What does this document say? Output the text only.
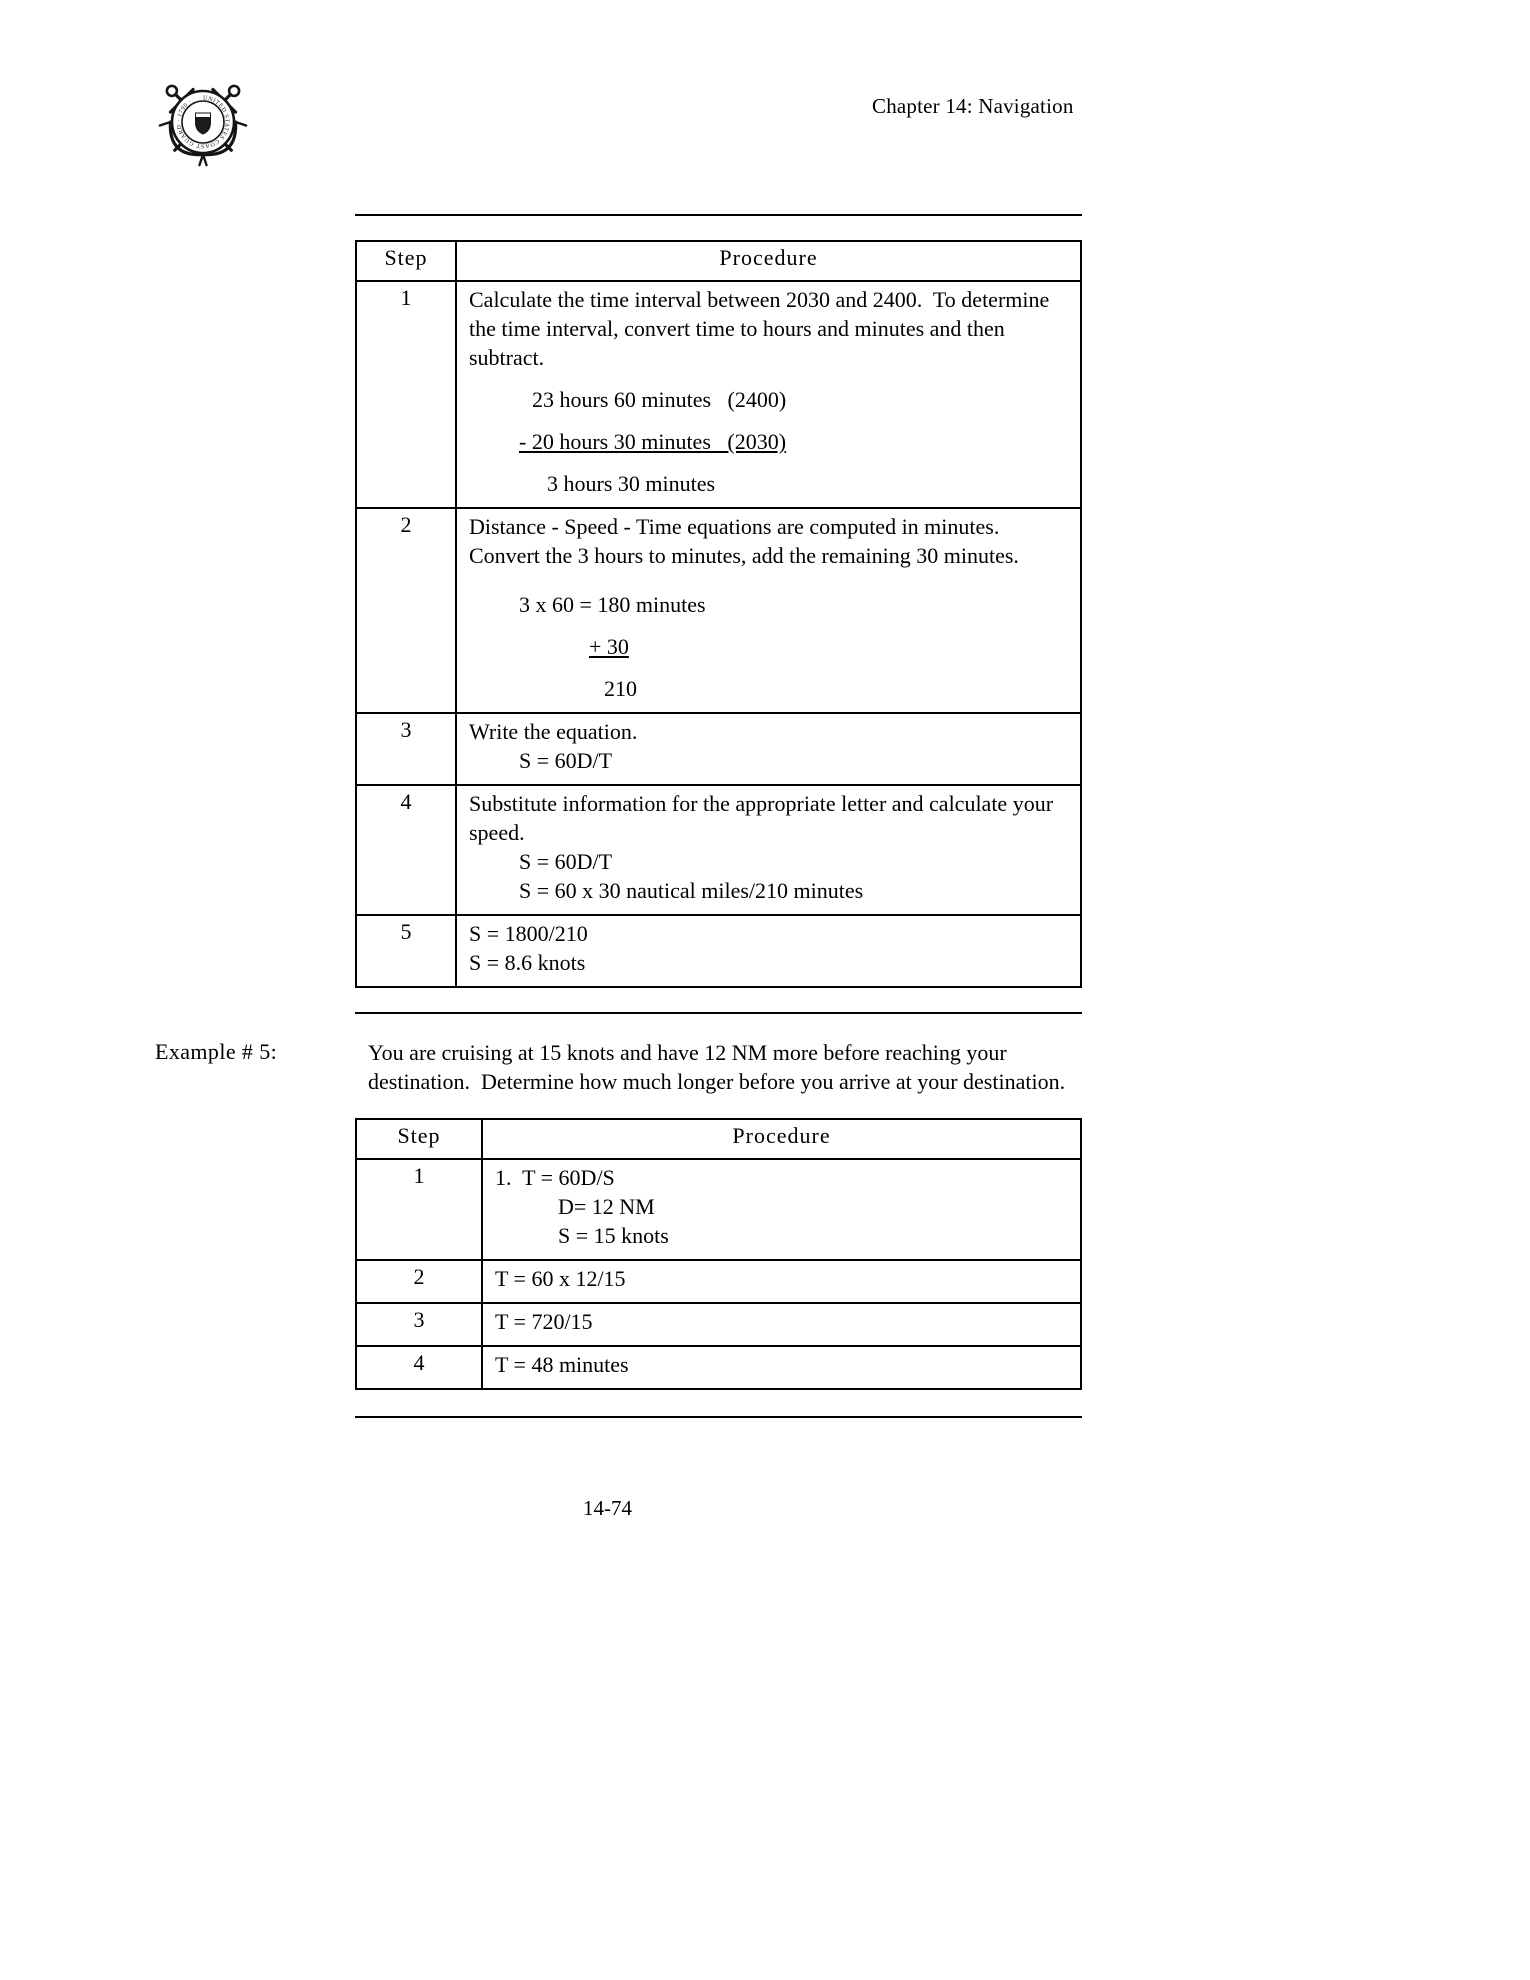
UNITED STATES COAST GUARD · 1790 ·	Chapter 14: Navigation
Step	Procedure
1	Calculate the time interval between 2030 and 2400.  To determine the time interval, convert time to hours and minutes and then subtract.
23 hours 60 minutes   (2400)
- 20 hours 30 minutes   (2030)
3 hours 30 minutes
2	Distance - Speed - Time equations are computed in minutes.  Convert the 3 hours to minutes, add the remaining 30 minutes.
3 x 60 = 180 minutes
+ 30
210
3	Write the equation.
S = 60D/T
4	Substitute information for the appropriate letter and calculate your speed.
S = 60D/T
S = 60 x 30 nautical miles/210 minutes
5	S = 1800/210
S = 8.6 knots
Example # 5:	You are cruising at 15 knots and have 12 NM more before reaching your destination.  Determine how much longer before you arrive at your destination.
Step	Procedure
1	1.  T = 60D/S
D= 12 NM
S = 15 knots
2	T = 60 x 12/15
3	T = 720/15
4	T = 48 minutes
14-74
